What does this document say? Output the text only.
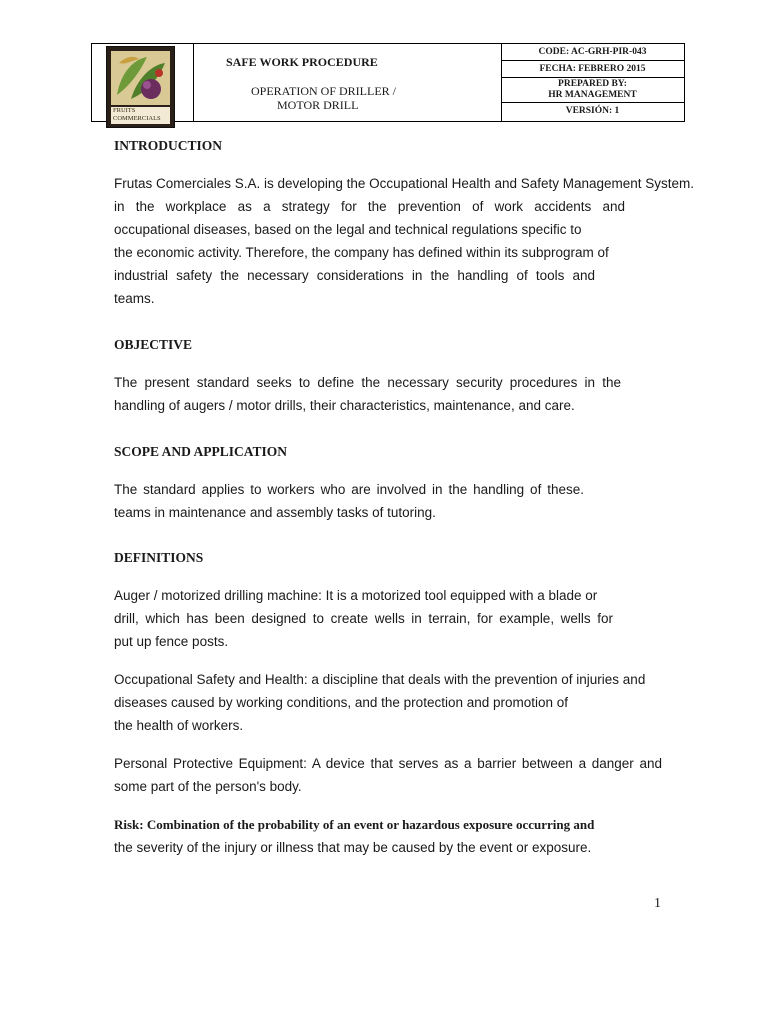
FRUITS
COMMERCIALS
SAFE WORK PROCEDURE
OPERATION OF DRILLER /
MOTOR DRILL
CODE: AC-GRH-PIR-043
FECHA: FEBRERO 2015
PREPARED BY:
HR MANAGEMENT
VERSIÓN: 1
INTRODUCTION
Frutas Comerciales S.A. is developing the Occupational Health and Safety Management System.
in the workplace as a strategy for the prevention of work accidents and
occupational diseases, based on the legal and technical regulations specific to
the economic activity. Therefore, the company has defined within its subprogram of
industrial safety the necessary considerations in the handling of tools and
teams.
OBJECTIVE
The present standard seeks to define the necessary security procedures in the
handling of augers / motor drills, their characteristics, maintenance, and care.
SCOPE AND APPLICATION
The standard applies to workers who are involved in the handling of these.
teams in maintenance and assembly tasks of tutoring.
DEFINITIONS
Auger / motorized drilling machine: It is a motorized tool equipped with a blade or
drill, which has been designed to create wells in terrain, for example, wells for
put up fence posts.
Occupational Safety and Health: a discipline that deals with the prevention of injuries and
diseases caused by working conditions, and the protection and promotion of
the health of workers.
Personal Protective Equipment: A device that serves as a barrier between a danger and
some part of the person's body.
Risk: Combination of the probability of an event or hazardous exposure occurring and
the severity of the injury or illness that may be caused by the event or exposure.
1
